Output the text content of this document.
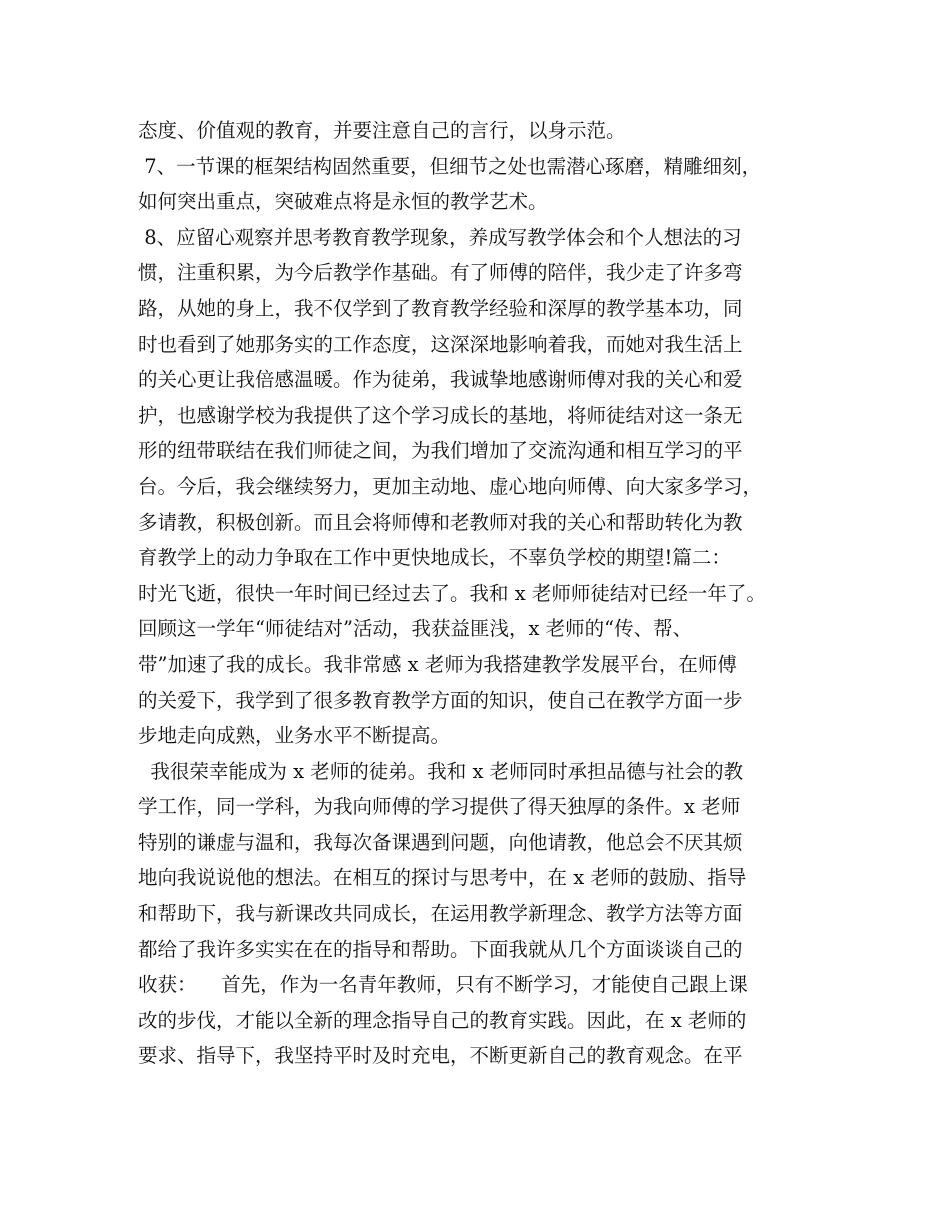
态度、价值观的教育，并要注意自己的言行，以身示范。
7、一节课的框架结构固然重要，但细节之处也需潜心琢磨，精雕细刻，
如何突出重点，突破难点将是永恒的教学艺术。
8、应留心观察并思考教育教学现象，养成写教学体会和个人想法的习
惯，注重积累，为今后教学作基础。有了师傅的陪伴，我少走了许多弯
路，从她的身上，我不仅学到了教育教学经验和深厚的教学基本功，同
时也看到了她那务实的工作态度，这深深地影响着我，而她对我生活上
的关心更让我倍感温暖。作为徒弟，我诚挚地感谢师傅对我的关心和爱
护，也感谢学校为我提供了这个学习成长的基地，将师徒结对这一条无
形的纽带联结在我们师徒之间，为我们增加了交流沟通和相互学习的平
台。今后，我会继续努力，更加主动地、虚心地向师傅、向大家多学习，
多请教，积极创新。而且会将师傅和老教师对我的关心和帮助转化为教
育教学上的动力争取在工作中更快地成长，不辜负学校的期望!篇二：
时光飞逝，很快一年时间已经过去了。我和 x 老师师徒结对已经一年了。
回顾这一学年“师徒结对”活动，我获益匪浅，x 老师的“传、帮、
带”加速了我的成长。我非常感 x 老师为我搭建教学发展平台，在师傅
的关爱下，我学到了很多教育教学方面的知识，使自己在教学方面一步
步地走向成熟，业务水平不断提高。
我很荣幸能成为 x 老师的徒弟。我和 x 老师同时承担品德与社会的教
学工作，同一学科，为我向师傅的学习提供了得天独厚的条件。x 老师
特别的谦虚与温和，我每次备课遇到问题，向他请教，他总会不厌其烦
地向我说说他的想法。在相互的探讨与思考中，在 x 老师的鼓励、指导
和帮助下，我与新课改共同成长，在运用教学新理念、教学方法等方面
都给了我许多实实在在的指导和帮助。下面我就从几个方面谈谈自己的
收获：    首先，作为一名青年教师，只有不断学习，才能使自己跟上课
改的步伐，才能以全新的理念指导自己的教育实践。因此，在 x 老师的
要求、指导下，我坚持平时及时充电，不断更新自己的教育观念。在平
